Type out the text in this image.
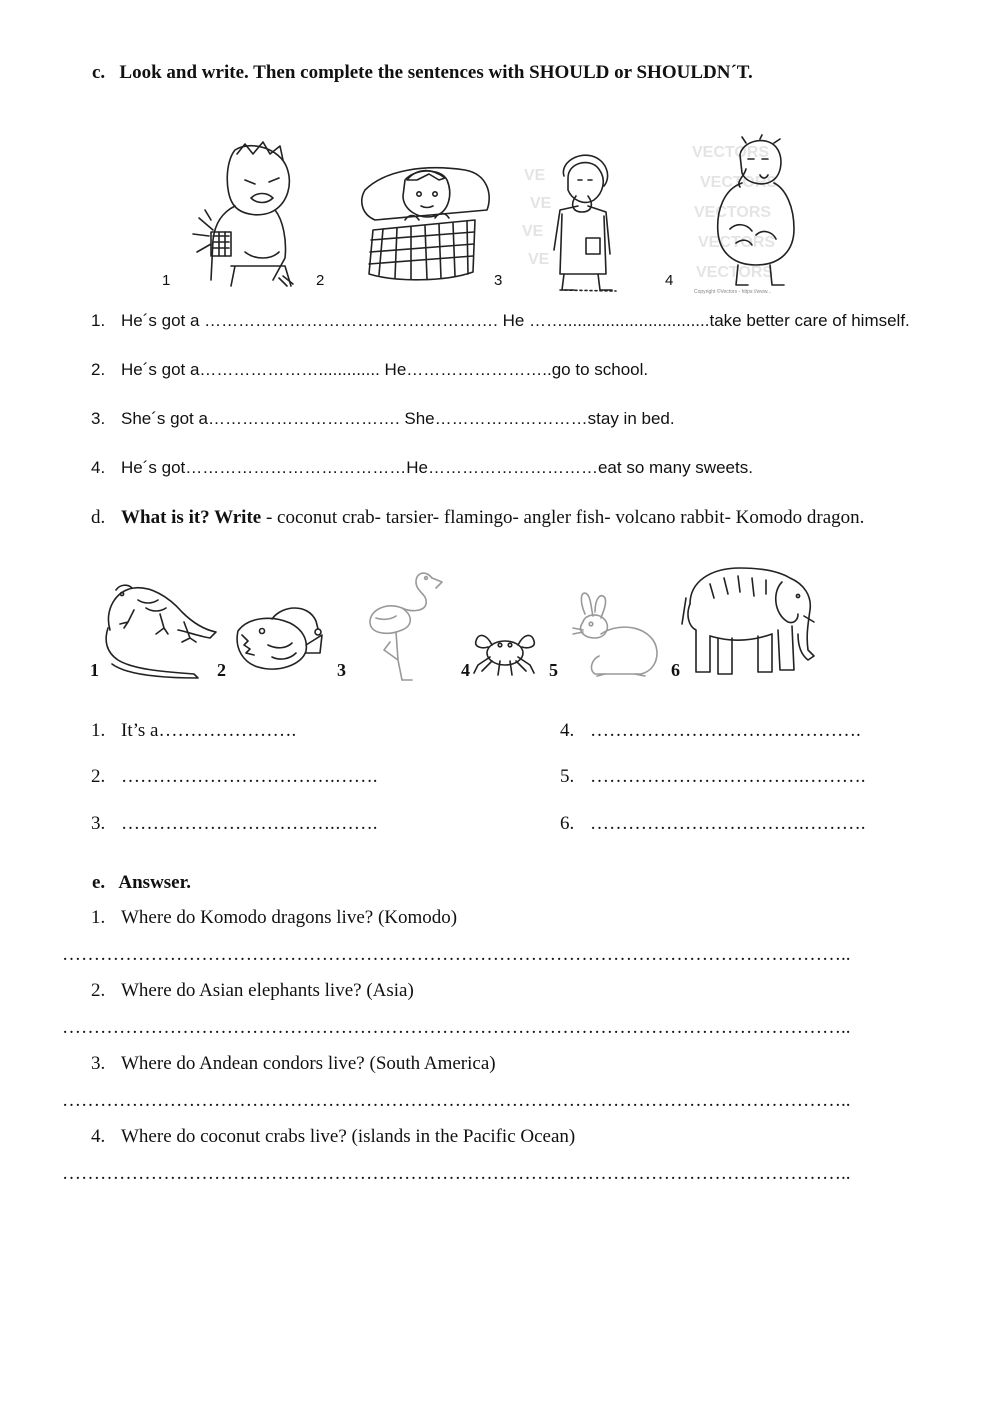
c.   Look and write. Then complete the sentences with SHOULD or SHOULDN´T.
VE
VE
VE
VE
VECTORS
VECTORS
VECTORS
VECTORS
VECTORS
Copyright ©Vectors - https://www...
1	2	3	4
1. He´s got a ……………………………………………. He ……...............................take better care of himself.
2. He´s got a…………………............. He……………………..go to school.
3. She´s got a……………………………. She………………………stay in bed.
4. He´s got…………………………………He…………………………eat so many sweets.
d. What is it? Write - coconut crab- tarsier- flamingo- angler fish- volcano rabbit- Komodo dragon.
1	2	3	4	5	6
1. It’s a………………….
2. …………………………….…….
3. …………………………….…….
4. …………………………………….
5. …………………………….……….
6. …………………………….……….
e.   Answser.
1. Where do Komodo dragons live? (Komodo)
……………………………………………………………………………………………………………..
2. Where do Asian elephants live? (Asia)
……………………………………………………………………………………………………………..
3. Where do Andean condors live? (South America)
……………………………………………………………………………………………………………..
4. Where do coconut crabs live? (islands in the Pacific Ocean)
……………………………………………………………………………………………………………..
